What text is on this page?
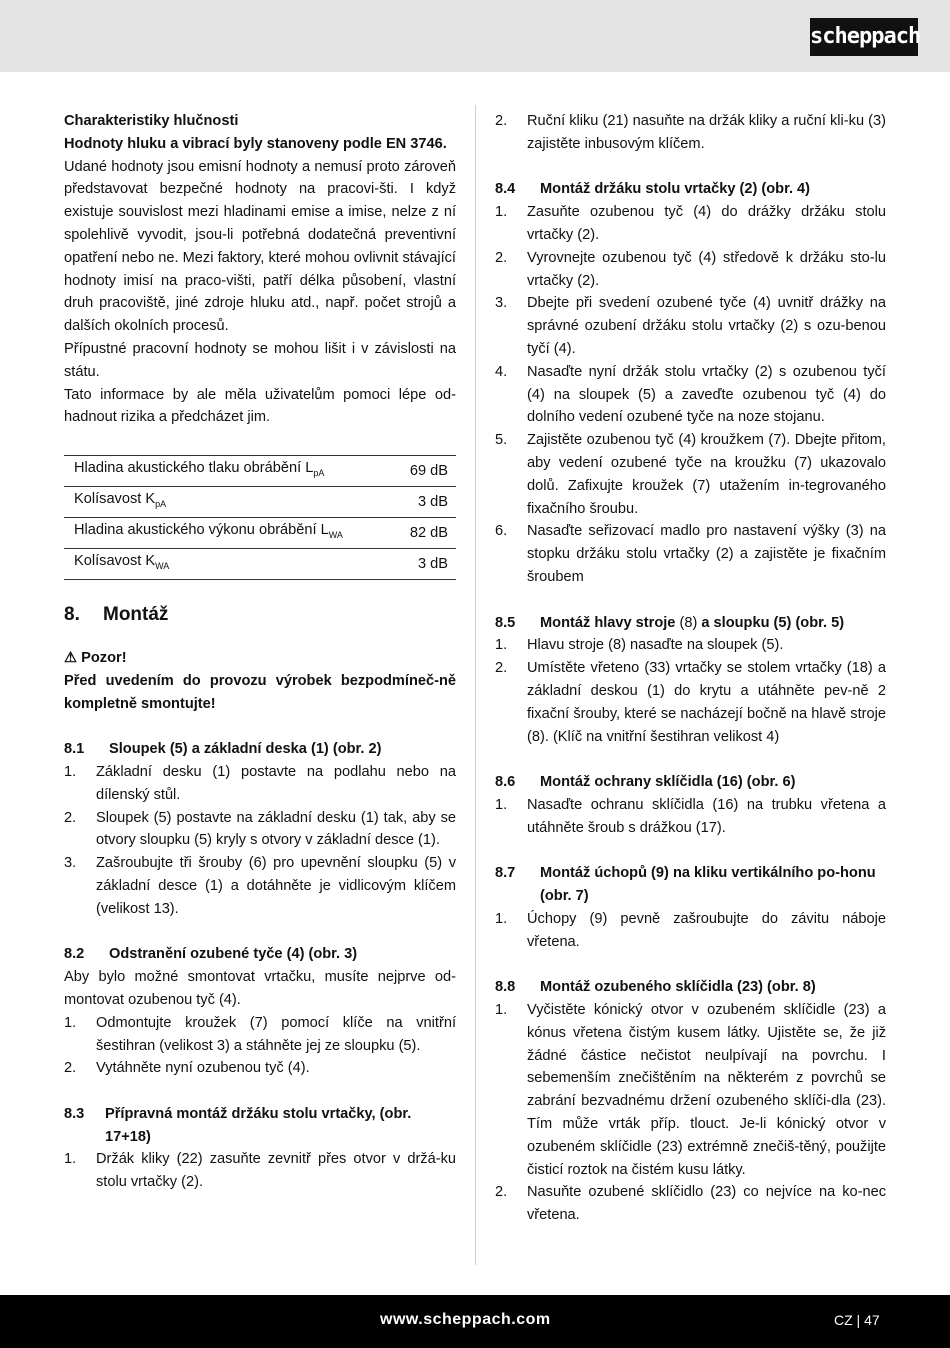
scheppach

Charakteristiky hlučnosti

Hodnoty hluku a vibrací byly stanoveny podle EN 3746.

Udané hodnoty jsou emisní hodnoty a nemusí proto zároveň představovat bezpečné hodnoty na pracovi-šti. I když existuje souvislost mezi hladinami emise a imise, nelze z ní spolehlivě vyvodit, jsou-li potřebná dodatečná preventivní opatření nebo ne. Mezi faktory, které mohou ovlivnit stávající hodnoty imisí na praco-višti, patří délka působení, vlastní druh pracoviště, jiné zdroje hluku atd., např. počet strojů a dalších okolních procesů.

Přípustné pracovní hodnoty se mohou lišit i v závislosti na státu.

Tato informace by ale měla uživatelům pomoci lépe od-hadnout rizika a předcházet jim.

Hladina akustického tlaku obrábění $L_{pA}$	69 dB
Kolísavost $K_{pA}$	3 dB
Hladina akustického výkonu obrábění $L_{WA}$	82 dB
Kolísavost $K_{WA}$	3 dB
8.	Montáž

⚠ Pozor!

Před uvedením do provozu výrobek bezpodmíneč-ně kompletně smontujte!

8.1	Sloupek (5) a základní deska (1) (obr. 2)
1.	Základní desku (1) postavte na podlahu nebo na dílenský stůl.
2.	Sloupek (5) postavte na základní desku (1) tak, aby se otvory sloupku (5) kryly s otvory v základní desce (1).
3.	Zašroubujte tři šrouby (6) pro upevnění sloupku (5) v základní desce (1) a dotáhněte je vidlicovým klíčem (velikost 13).
8.2	Odstranění ozubené tyče (4) (obr. 3)

Aby bylo možné smontovat vrtačku, musíte nejprve od-montovat ozubenou tyč (4).

1.	Odmontujte kroužek (7) pomocí klíče na vnitřní šestihran (velikost 3) a stáhněte jej ze sloupku (5).
2.	Vytáhněte nyní ozubenou tyč (4).
8.3	Přípravná montáž držáku stolu vrtačky, (obr. 17+18)
1.	Držák kliky (22) zasuňte zevnitř přes otvor v držá-ku stolu vrtačky (2).
2.	Ruční kliku (21) nasuňte na držák kliky a ruční kli-ku (3) zajistěte inbusovým klíčem.
8.4	Montáž držáku stolu vrtačky (2) (obr. 4)
1.	Zasuňte ozubenou tyč (4) do drážky držáku stolu vrtačky (2).
2.	Vyrovnejte ozubenou tyč (4) středově k držáku sto-lu vrtačky (2).
3.	Dbejte při svedení ozubené tyče (4) uvnitř drážky na správné ozubení držáku stolu vrtačky (2) s ozu-benou tyčí (4).
4.	Nasaďte nyní držák stolu vrtačky (2) s ozubenou tyčí (4) na sloupek (5) a zaveďte ozubenou tyč (4) do dolního vedení ozubené tyče na noze stojanu.
5.	Zajistěte ozubenou tyč (4) kroužkem (7). Dbejte přitom, aby vedení ozubené tyče na kroužku (7) ukazovalo dolů. Zafixujte kroužek (7) utažením in-tegrovaného fixačního šroubu.
6.	Nasaďte seřizovací madlo pro nastavení výšky (3) na stopku držáku stolu vrtačky (2) a zajistěte je fixačním šroubem
8.5	Montáž hlavy stroje (8) a sloupku (5) (obr. 5)
1.	Hlavu stroje (8) nasaďte na sloupek (5).
2.	Umístěte vřeteno (33) vrtačky se stolem vrtačky (18) a základní deskou (1) do krytu a utáhněte pev-ně 2 fixační šrouby, které se nacházejí bočně na hlavě stroje (8). (Klíč na vnitřní šestihran velikost 4)
8.6	Montáž ochrany sklíčidla (16) (obr. 6)
1.	Nasaďte ochranu sklíčidla (16) na trubku vřetena a utáhněte šroub s drážkou (17).
8.7	Montáž úchopů (9) na kliku vertikálního po-honu (obr. 7)
1.	Úchopy (9) pevně zašroubujte do závitu náboje vřetena.
8.8	Montáž ozubeného sklíčidla (23) (obr. 8)
1.	Vyčistěte kónický otvor v ozubeném sklíčidle (23) a kónus vřetena čistým kusem látky. Ujistěte se, že již žádné částice nečistot neulpívají na povrchu. I sebemenším znečištěním na některém z povrchů se zabrání bezvadnému držení ozubeného sklíči-dla (23). Tím může vrták příp. tlouct. Je-li kónický otvor v ozubeném sklíčidle (23) extrémně znečiš-těný, použijte čisticí roztok na čistém kusu látky.
2.	Nasuňte ozubené sklíčidlo (23) co nejvíce na ko-nec vřetena.
www.scheppach.com	CZ | 47
